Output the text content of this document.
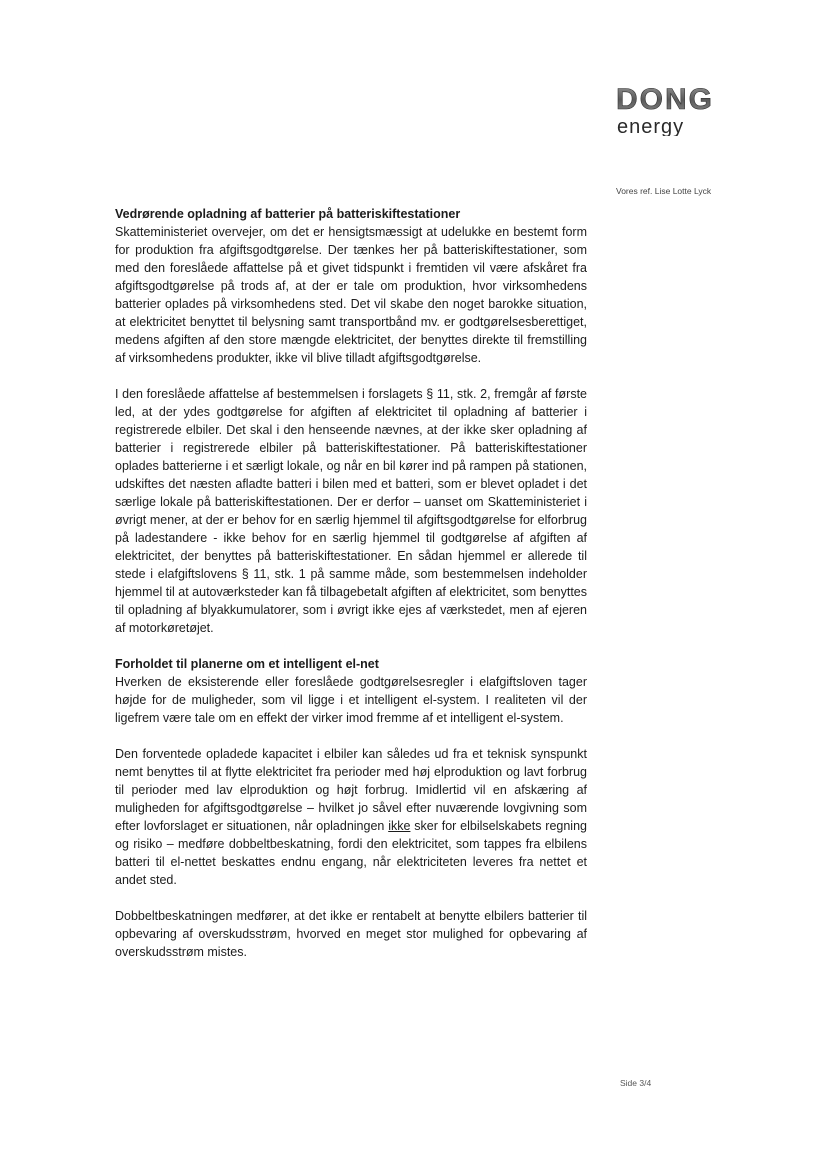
DONG
energy
Vores ref. Lise Lotte Lyck
Vedrørende opladning af batterier på batteriskiftestationer

Skatteministeriet overvejer, om det er hensigtsmæssigt at udelukke en bestemt form for produktion fra afgiftsgodtgørelse. Der tænkes her på batteriskiftestationer, som med den foreslåede affattelse på et givet tidspunkt i fremtiden vil være afskåret fra afgiftsgodtgørelse på trods af, at der er tale om produktion, hvor virksomhedens batterier oplades på virksomhedens sted. Det vil skabe den noget barokke situation, at elektricitet benyttet til belysning samt transportbånd mv. er godtgørelsesberettiget, medens afgiften af den store mængde elektricitet, der benyttes direkte til fremstilling af virksomhedens produkter, ikke vil blive tilladt afgiftsgodtgørelse.

I den foreslåede affattelse af bestemmelsen i forslagets § 11, stk. 2, fremgår af første led, at der ydes godtgørelse for afgiften af elektricitet til opladning af batterier i registrerede elbiler. Det skal i den henseende nævnes, at der ikke sker opladning af batterier i registrerede elbiler på batteriskiftestationer. På batteriskiftestationer oplades batterierne i et særligt lokale, og når en bil kører ind på rampen på stationen, udskiftes det næsten afladte batteri i bilen med et batteri, som er blevet opladet i det særlige lokale på batteriskiftestationen. Der er derfor – uanset om Skatteministeriet i øvrigt mener, at der er behov for en særlig hjemmel til afgiftsgodtgørelse for elforbrug på ladestandere - ikke behov for en særlig hjemmel til godtgørelse af afgiften af elektricitet, der benyttes på batteriskiftestationer. En sådan hjemmel er allerede til stede i elafgiftslovens § 11, stk. 1 på samme måde, som bestemmelsen indeholder hjemmel til at autoværksteder kan få tilbagebetalt afgiften af elektricitet, som benyttes til opladning af blyakkumulatorer, som i øvrigt ikke ejes af værkstedet, men af ejeren af motorkøretøjet.

Forholdet til planerne om et intelligent el-net

Hverken de eksisterende eller foreslåede godtgørelsesregler i elafgiftsloven tager højde for de muligheder, som vil ligge i et intelligent el-system. I realiteten vil der ligefrem være tale om en effekt der virker imod fremme af et intelligent el-system.

Den forventede opladede kapacitet i elbiler kan således ud fra et teknisk synspunkt nemt benyttes til at flytte elektricitet fra perioder med høj elproduktion og lavt forbrug til perioder med lav elproduktion og højt forbrug. Imidlertid vil en afskæring af muligheden for afgiftsgodtgørelse – hvilket jo såvel efter nuværende lovgivning som efter lovforslaget er situationen, når opladningen ikke sker for elbilselskabets regning og risiko – medføre dobbeltbeskatning, fordi den elektricitet, som tappes fra elbilens batteri til el-nettet beskattes endnu engang, når elektriciteten leveres fra nettet et andet sted.

Dobbeltbeskatningen medfører, at det ikke er rentabelt at benytte elbilers batterier til opbevaring af overskudsstrøm, hvorved en meget stor mulighed for opbevaring af overskudsstrøm mistes.

Side 3/4
